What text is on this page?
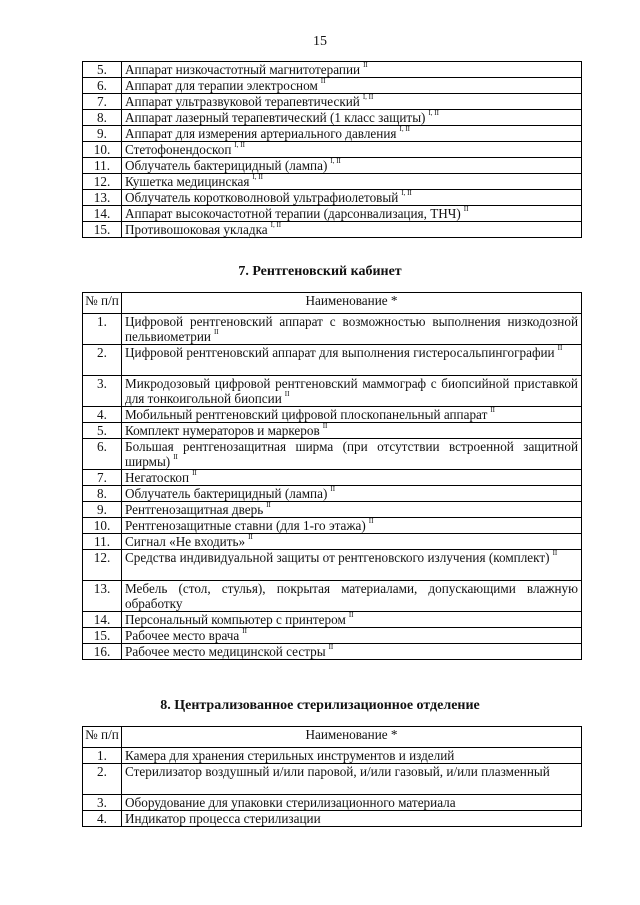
15
5.	Аппарат низкочастотный магнитотерапии $^{II}$
6.	Аппарат для терапии электросном $^{II}$
7.	Аппарат ультразвуковой терапевтический $^{I, II}$
8.	Аппарат лазерный терапевтический (1 класс защиты) $^{I, II}$
9.	Аппарат для измерения артериального давления $^{I, II}$
10.	Стетофонендоскоп $^{I, II}$
11.	Облучатель бактерицидный (лампа) $^{I, II}$
12.	Кушетка медицинская $^{I, II}$
13.	Облучатель коротковолновой ультрафиолетовый $^{I, II}$
14.	Аппарат высокочастотной терапии (дарсонвализация, ТНЧ) $^{II}$
15.	Противошоковая укладка $^{I, II}$
7. Рентгеновский кабинет
№ п/п	Наименование *
1.	Цифровой рентгеновский аппарат с возможностью выполнения низкодозной пельвиометрии $^{II}$
2.	Цифровой рентгеновский аппарат для выполнения гистеросальпингографии $^{II}$
3.	Микродозовый цифровой рентгеновский маммограф с биопсийной приставкой для тонкоигольной биопсии $^{II}$
4.	Мобильный рентгеновский цифровой плоскопанельный аппарат $^{II}$
5.	Комплект нумераторов и маркеров $^{II}$
6.	Большая рентгенозащитная ширма (при отсутствии встроенной защитной ширмы) $^{II}$
7.	Негатоскоп $^{II}$
8.	Облучатель бактерицидный (лампа) $^{II}$
9.	Рентгенозащитная дверь $^{II}$
10.	Рентгенозащитные ставни (для 1-го этажа) $^{II}$
11.	Сигнал «Не входить» $^{II}$
12.	Средства индивидуальной защиты от рентгеновского излучения (комплект) $^{II}$
13.	Мебель (стол, стулья), покрытая материалами, допускающими влажную обработку
14.	Персональный компьютер с принтером $^{II}$
15.	Рабочее место врача $^{II}$
16.	Рабочее место медицинской сестры $^{II}$
8. Централизованное стерилизационное отделение
№ п/п	Наименование *
1.	Камера для хранения стерильных инструментов и изделий
2.	Стерилизатор воздушный и/или паровой, и/или газовый, и/или плазменный
3.	Оборудование для упаковки стерилизационного материала
4.	Индикатор процесса стерилизации
